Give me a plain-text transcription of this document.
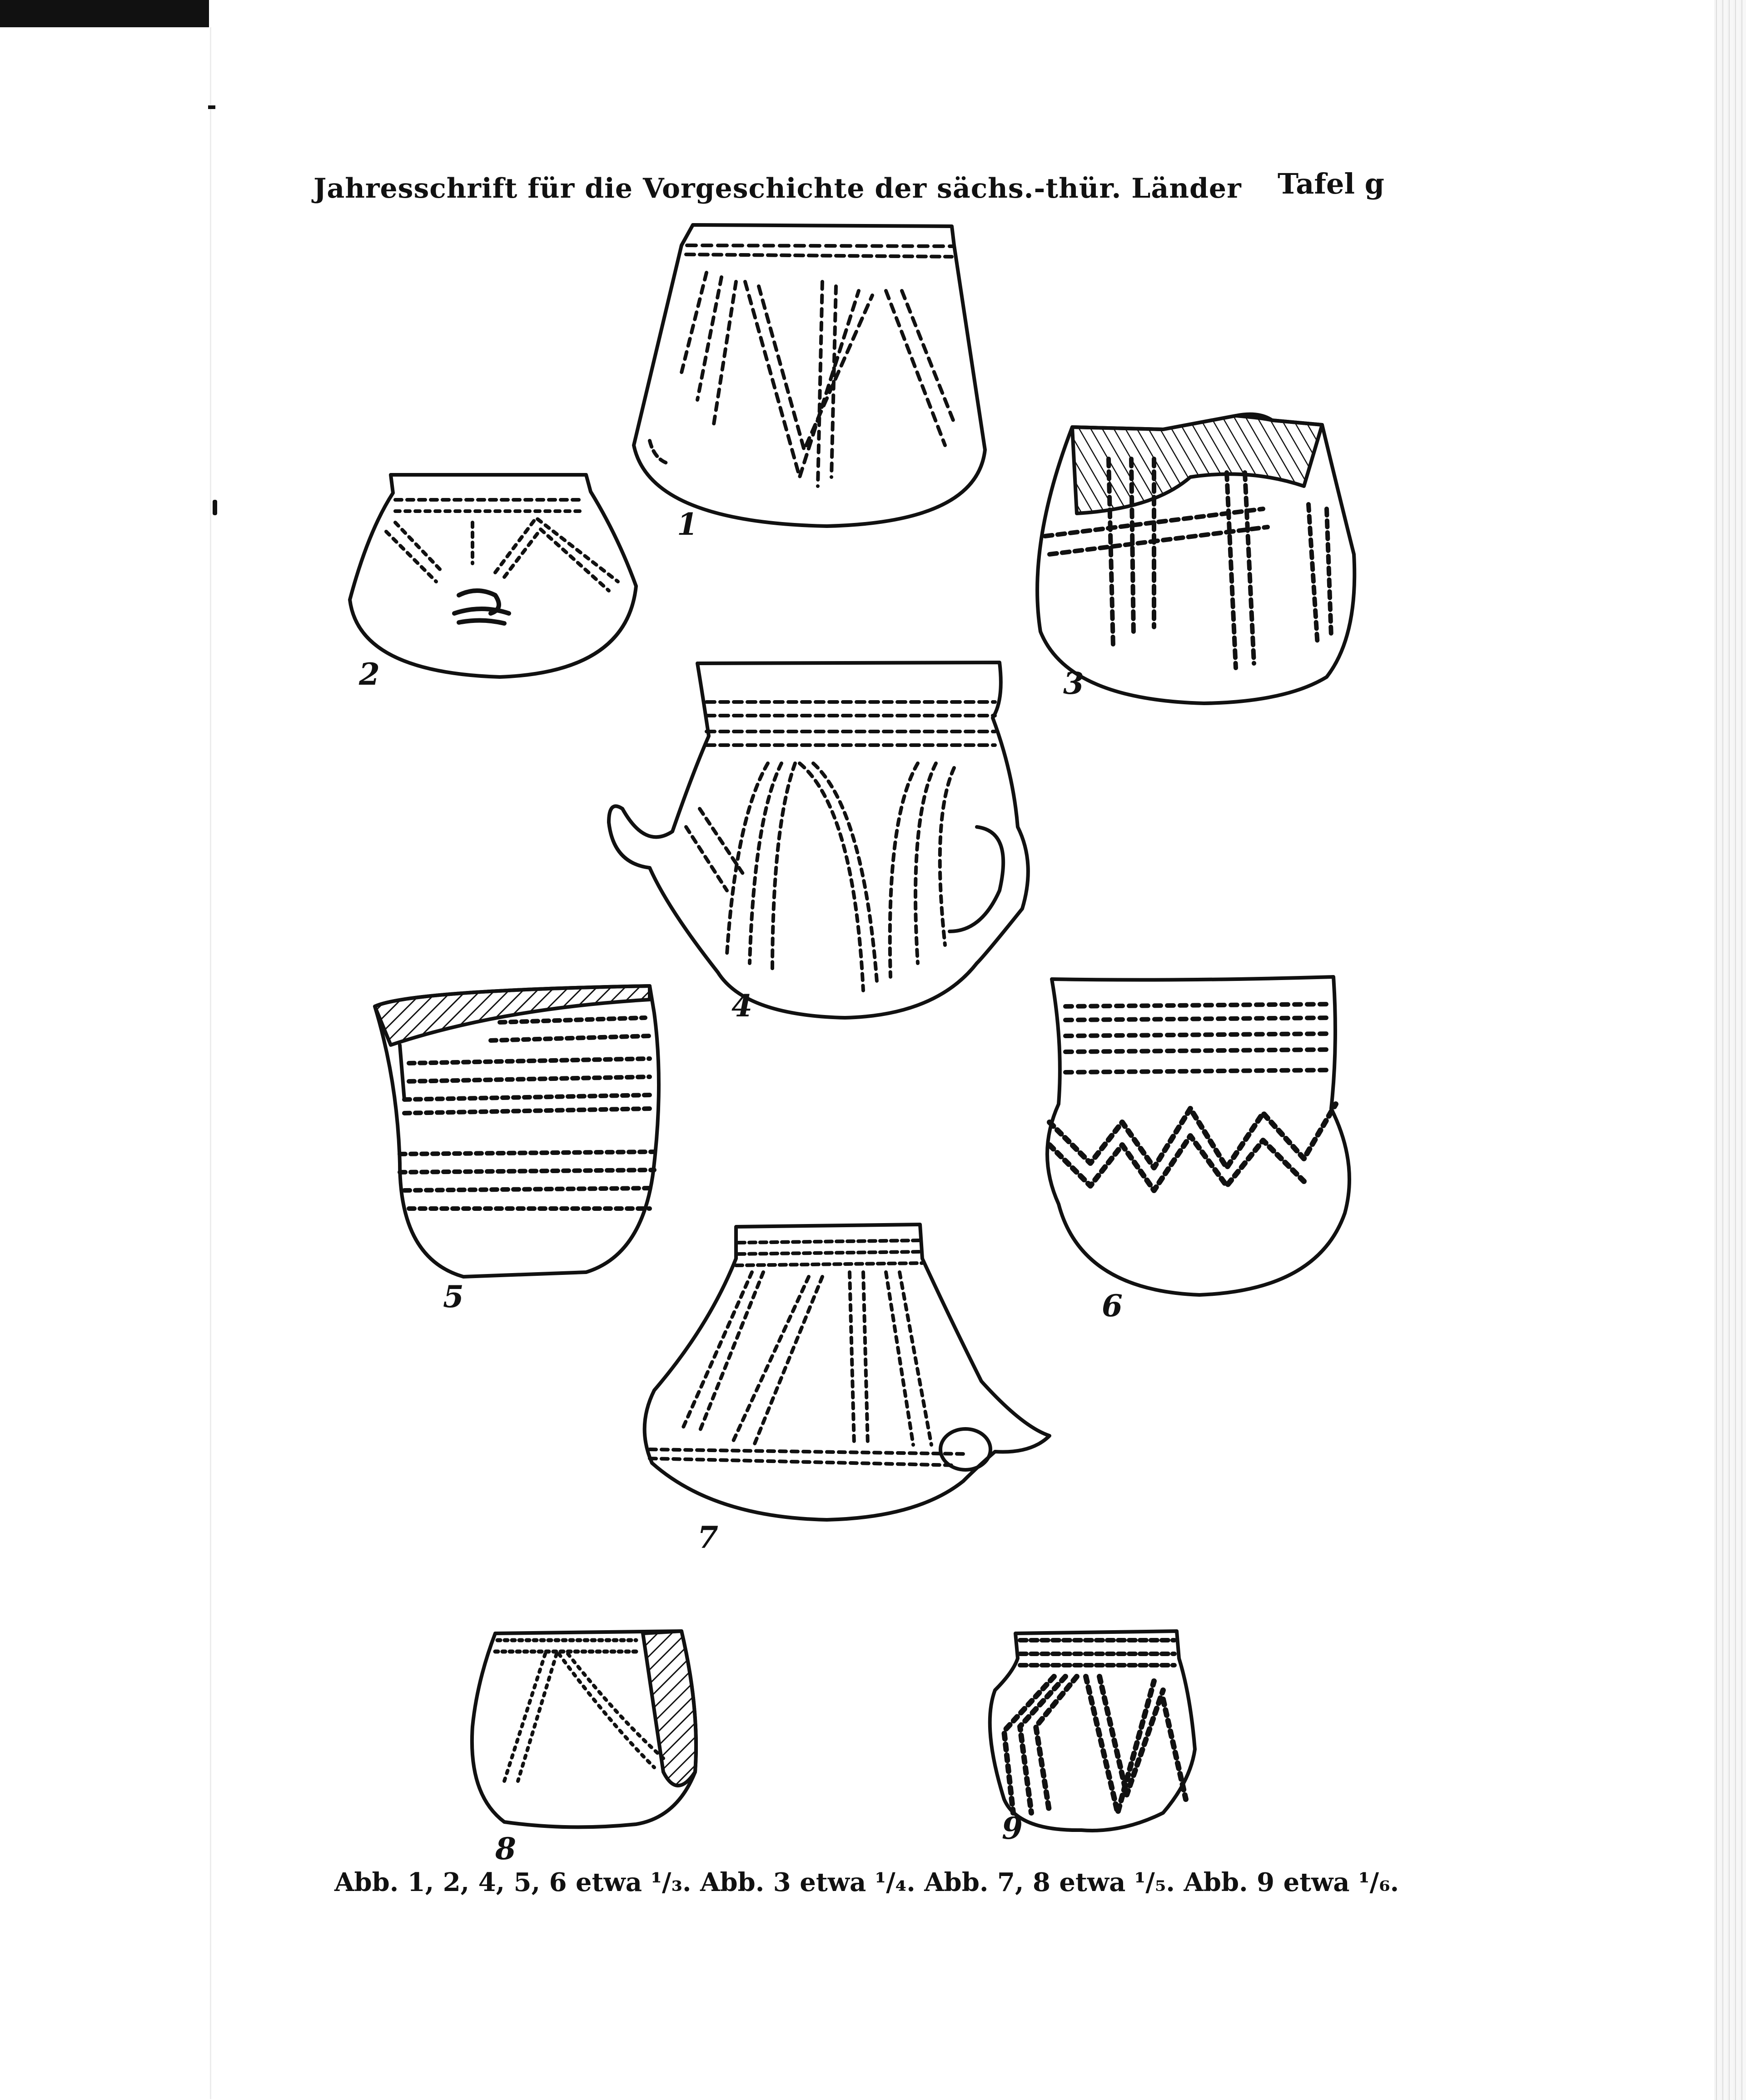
Jahresschrift für die Vorgeschichte der sächs.-thür. Länder Tafel g
1
2	3
4
5	6
7
8
9
Abb. 1, 2, 4, 5, 6 etwa ¹/₃. Abb. 3 etwa ¹/₄. Abb. 7, 8 etwa ¹/₅. Abb. 9 etwa ¹/₆.
